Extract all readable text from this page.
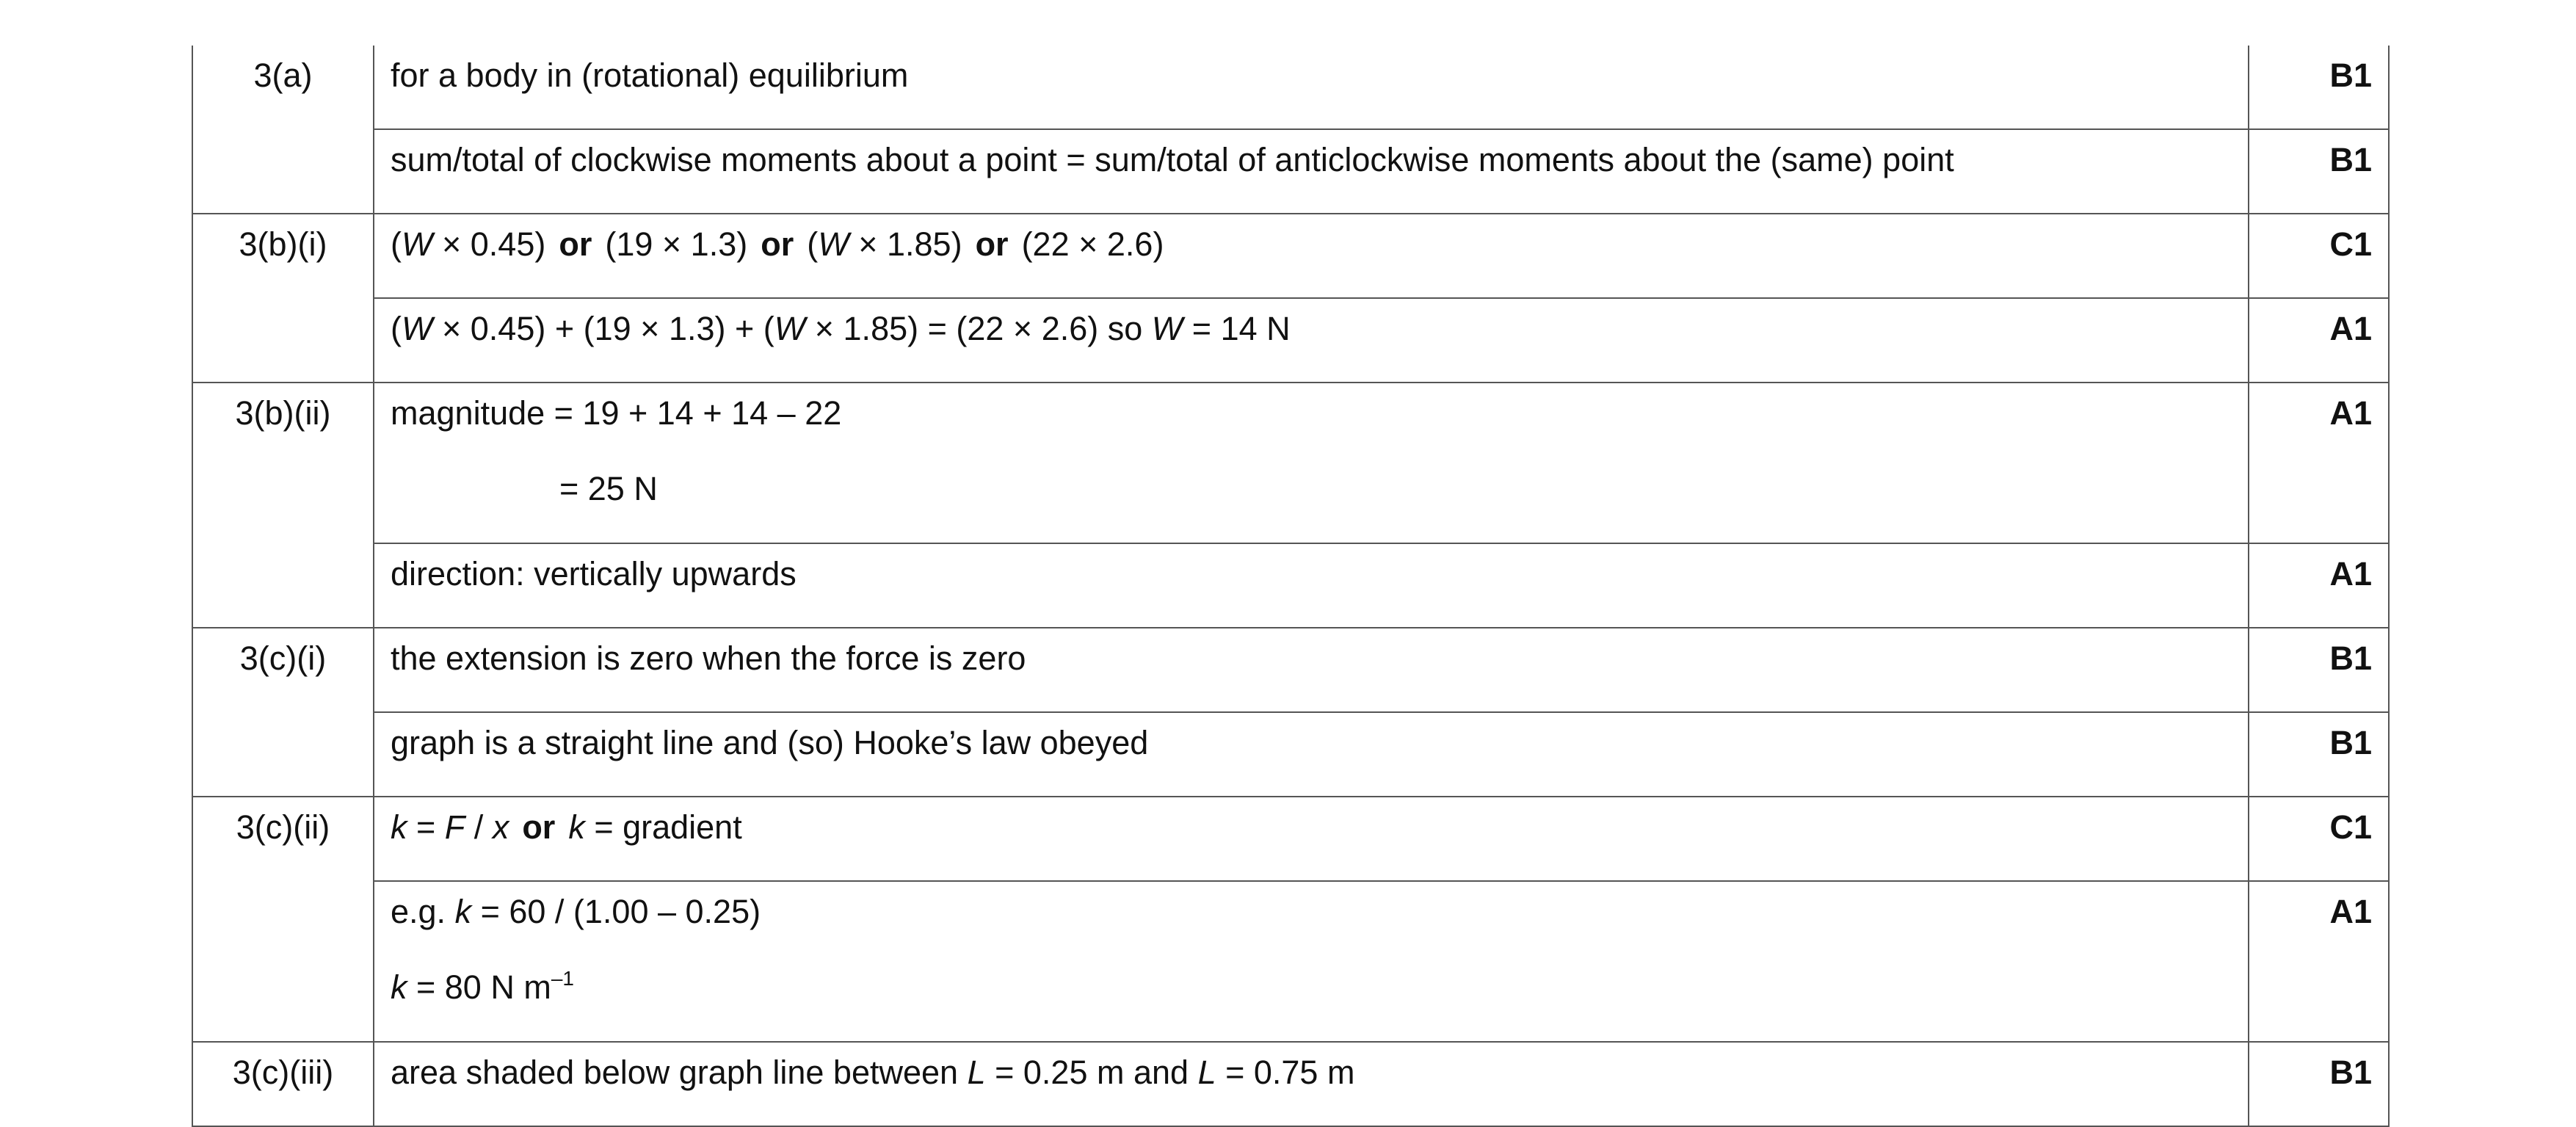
3(a)	for a body in (rotational) equilibrium	B1

	sum/total of clockwise moments about a point = sum/total of anticlockwise moments about the (same) point	B1

3(b)(i)	(W × 0.45) or (19 × 1.3) or (W × 1.85) or (22 × 2.6)	C1

	(W × 0.45) + (19 × 1.3) + (W × 1.85) = (22 × 2.6) so W = 14 N	A1

3(b)(ii)	magnitude = 19 + 14 + 14 – 22
= 25 N	A1

	direction: vertically upwards	A1

3(c)(i)	the extension is zero when the force is zero	B1

	graph is a straight line and (so) Hooke’s law obeyed	B1

3(c)(ii)	k = F / x or k = gradient	C1

	e.g. k = 60 / (1.00 – 0.25)
k = 80 N $m^{-1}$	A1

3(c)(iii)	area shaded below graph line between L = 0.25 m and L = 0.75 m	B1
